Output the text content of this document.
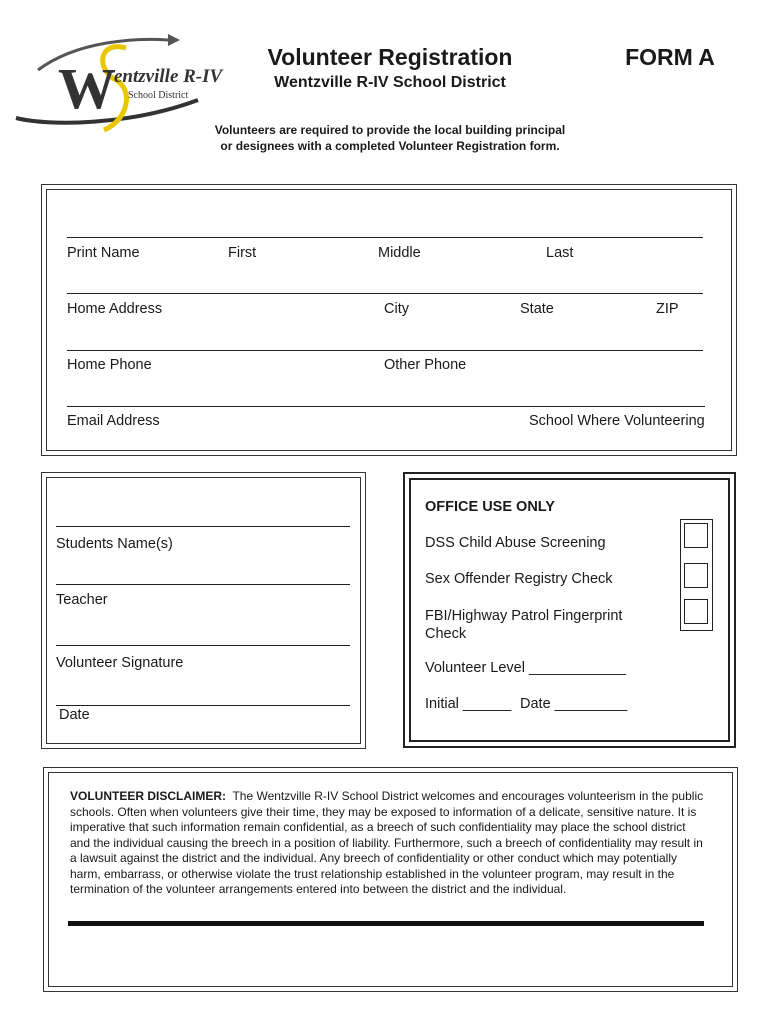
W
entzville R-IV
School District
Volunteer Registration
Wentzville R-IV School District
FORM A
Volunteers are required to provide the local building principal
or designees with a completed Volunteer Registration form.
Print Name	First	Middle	Last
Home Address	City	State	ZIP
Home Phone	Other Phone
Email Address	School Where Volunteering
Students Name(s)
Teacher
Volunteer Signature
Date
OFFICE USE ONLY
DSS Child Abuse Screening
Sex Offender Registry Check
FBI/Highway Patrol Fingerprint
Check
Volunteer Level ____________
Initial ______ Date _________
VOLUNTEER DISCLAIMER: The Wentzville R-IV School District welcomes and encourages volunteerism in the public
schools. Often when volunteers give their time, they may be exposed to information of a delicate, sensitive nature. It is
imperative that such information remain confidential, as a breech of such confidentiality may place the school district
and the individual causing the breech in a position of liability. Furthermore, such a breech of confidentiality may result in
a lawsuit against the district and the individual. Any breech of confidentiality or other conduct which may potentially
harm, embarrass, or otherwise violate the trust relationship established in the volunteer program, may result in the
termination of the volunteer arrangements entered into between the district and the individual.
